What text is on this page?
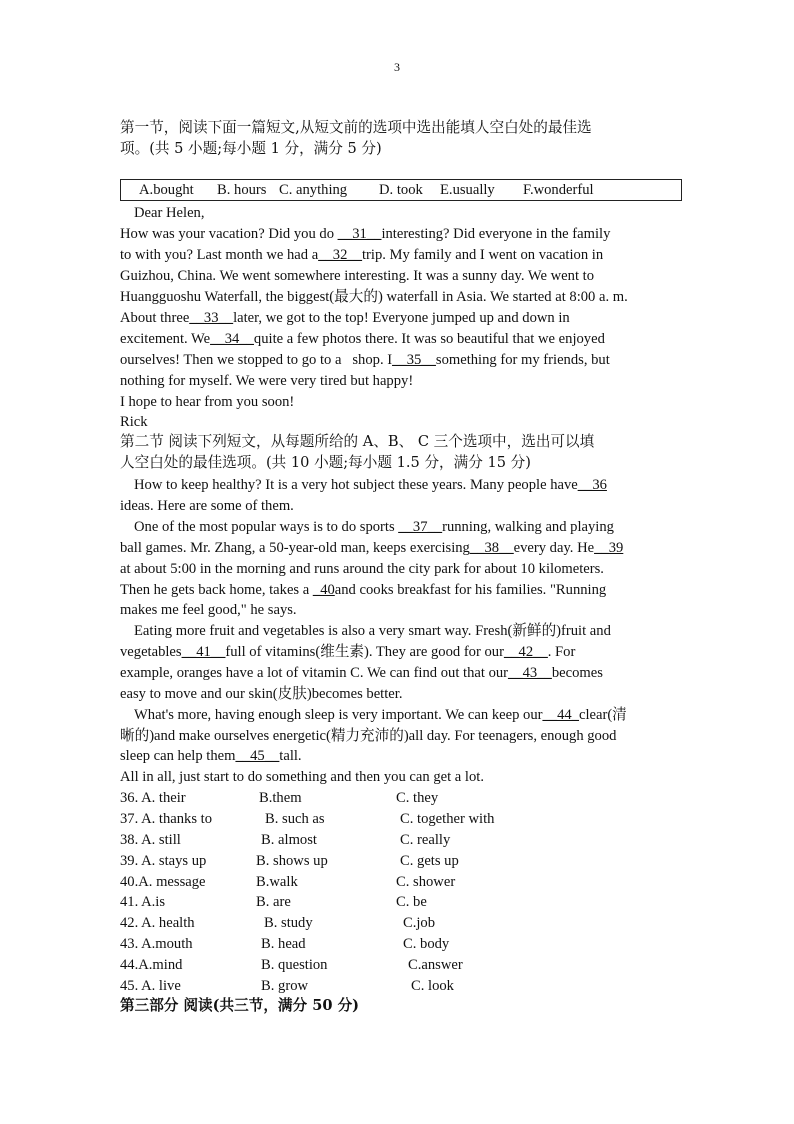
3
第一节，阅读下面一篇短文,从短文前的选项中选出能填人空白处的最佳选
项。(共 5 小题;每小题 1 分，满分 5 分)
A.bought B. hours C. anything D. took E.usually F.wonderful
Dear Helen,
How was your vacation? Did you do __31__interesting? Did everyone in the family
to with you? Last month we had a__32__trip. My family and I went on vacation in
Guizhou, China. We went somewhere interesting. It was a sunny day. We went to
Huangguoshu Waterfall, the biggest(最大的) waterfall in Asia. We started at 8:00 a. m.
About three__33__later, we got to the top! Everyone jumped up and down in
excitement. We__34__quite a few photos there. It was so beautiful that we enjoyed
ourselves! Then we stopped to go to a   shop. I__35__something for my friends, but
nothing for myself. We were very tired but happy!
I hope to hear from you soon!
Rick
第二节 阅读下列短文，从每题所给的 A、B、 C 三个选项中，选出可以填
人空白处的最佳选项。(共 10 小题;每小题 1.5 分，满分 15 分)
How to keep healthy? It is a very hot subject these years. Many people have__36
ideas. Here are some of them.
One of the most popular ways is to do sports __37__running, walking and playing
ball games. Mr. Zhang, a 50-year-old man, keeps exercising__38__every day. He__39
at about 5:00 in the morning and runs around the city park for about 10 kilometers.
Then he gets back home, takes a _40and cooks breakfast for his families. "Running
makes me feel good," he says.
Eating more fruit and vegetables is also a very smart way. Fresh(新鲜的)fruit and
vegetables__41__full of vitamins(维生素). They are good for our__42__. For
example, oranges have a lot of vitamin C. We can find out that our__43__becomes
easy to move and our skin(皮肤)becomes better.
What's more, having enough sleep is very important. We can keep our__44_clear(清
晰的)and make ourselves energetic(精力充沛的)all day. For teenagers, enough good
sleep can help them__45__tall.
All in all, just start to do something and then you can get a lot.
36. A. their	B.them	C. they
37. A. thanks to	B. such as	C. together with
38. A. still	B. almost	C. really
39. A. stays up	B. shows up	C. gets up
40.A. message	B.walk	C. shower
41. A.is	B. are	C. be
42. A. health	B. study	C.job
43. A.mouth	B. head	C. body
44.A.mind	B. question	C.answer
45. A. live	B. grow	C. look
第三部分 阅读(共三节，满分 50 分)
